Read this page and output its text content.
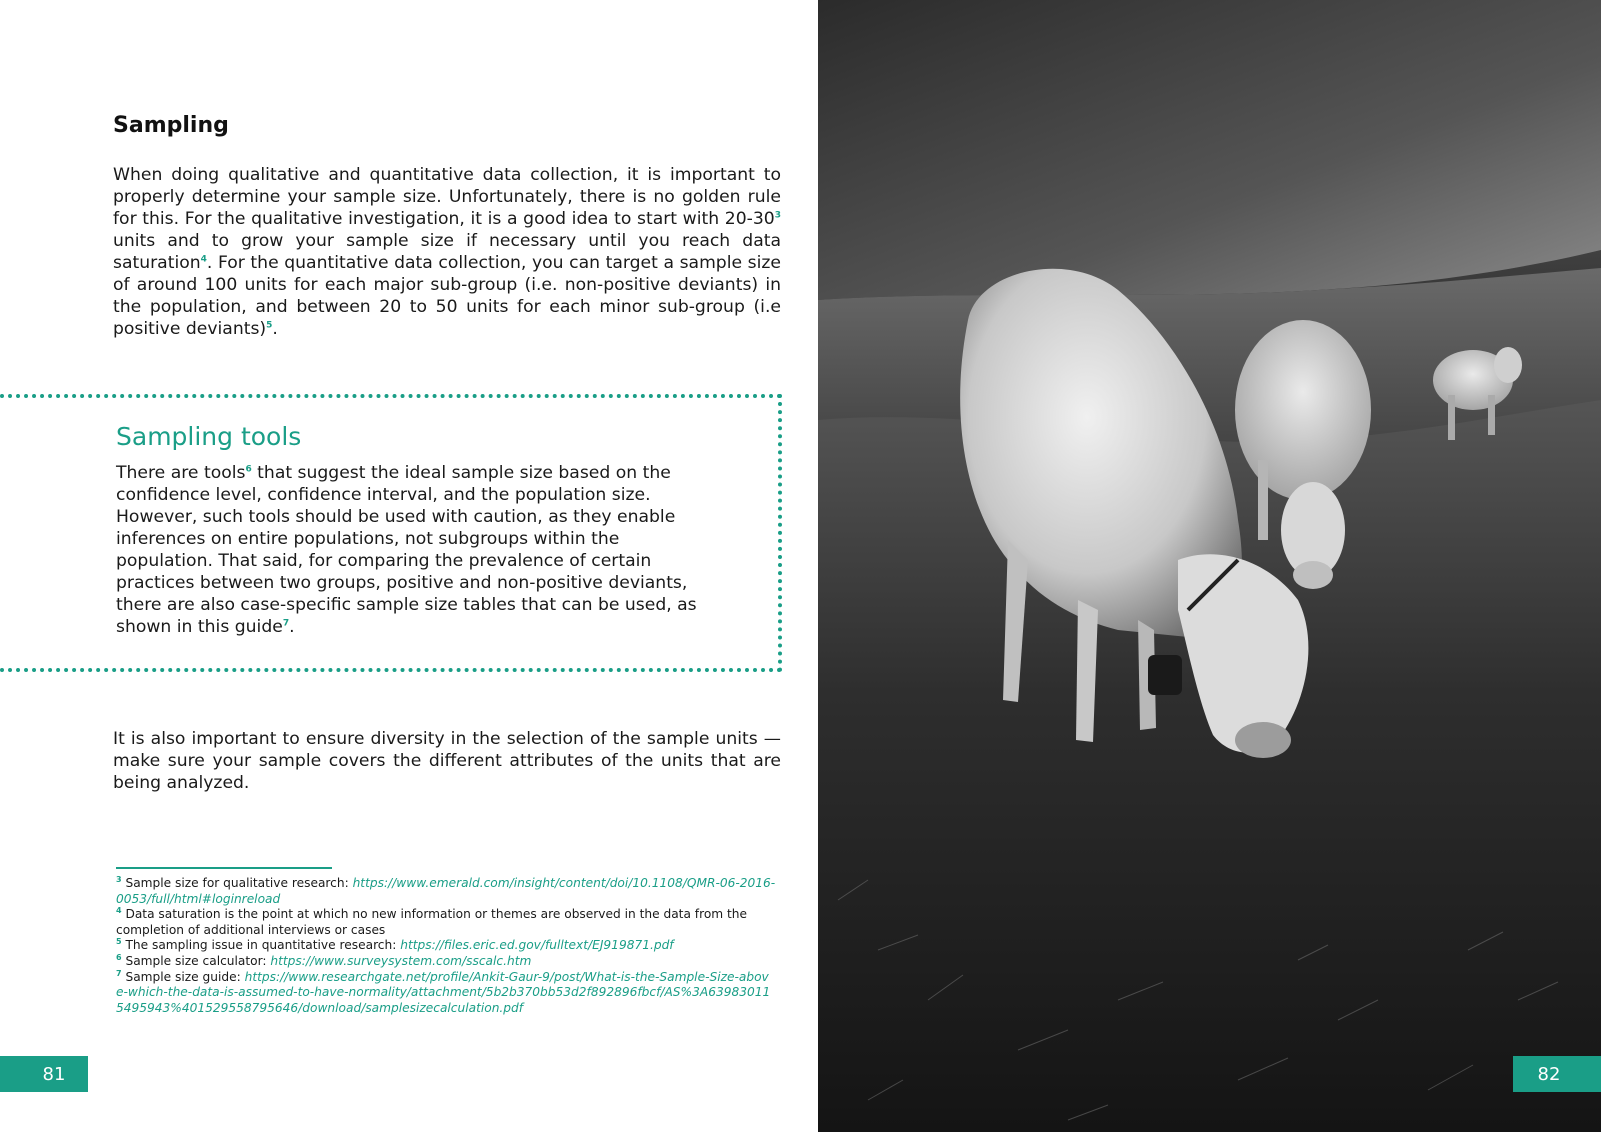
Sampling

When doing qualitative and quantitative data collection, it is important to properly determine your sample size. Unfortunately, there is no golden rule for this. For the qualitative investigation, it is a good idea to start with 20-30$^3$ units and to grow your sample size if necessary until you reach data saturation$^4$. For the quantitative data collection, you can target a sample size of around 100 units for each major sub-group (i.e. non-positive deviants) in the population, and between 20 to 50 units for each minor sub-group (i.e positive deviants)$^5$.

Sampling tools

There are tools$^6$ that suggest the ideal sample size based on the confidence level, confidence interval, and the population size. However, such tools should be used with caution, as they enable inferences on entire populations, not subgroups within the population. That said, for comparing the prevalence of certain practices between two groups, positive and non-positive deviants, there are also case-specific sample size tables that can be used, as shown in this guide$^7$.

It is also important to ensure diversity in the selection of the sample units — make sure your sample covers the different attributes of the units that are being analyzed.

$^3$ Sample size for qualitative research: https://www.emerald.com/insight/content/doi/10.1108/QMR-06-2016-0053/full/html#loginreload
$^4$ Data saturation is the point at which no new information or themes are observed in the data from the completion of additional interviews or cases
$^5$ The sampling issue in quantitative research: https://files.eric.ed.gov/fulltext/EJ919871.pdf
$^6$ Sample size calculator: https://www.surveysystem.com/sscalc.htm
$^7$ Sample size guide: https://www.researchgate.net/profile/Ankit-Gaur-9/post/What-is-the-Sample-Size-above-which-the-data-is-assumed-to-have-normality/attachment/5b2b370bb53d2f892896fbcf/AS%3A639830115495943%401529558795646/download/samplesizecalculation.pdf
81	82
